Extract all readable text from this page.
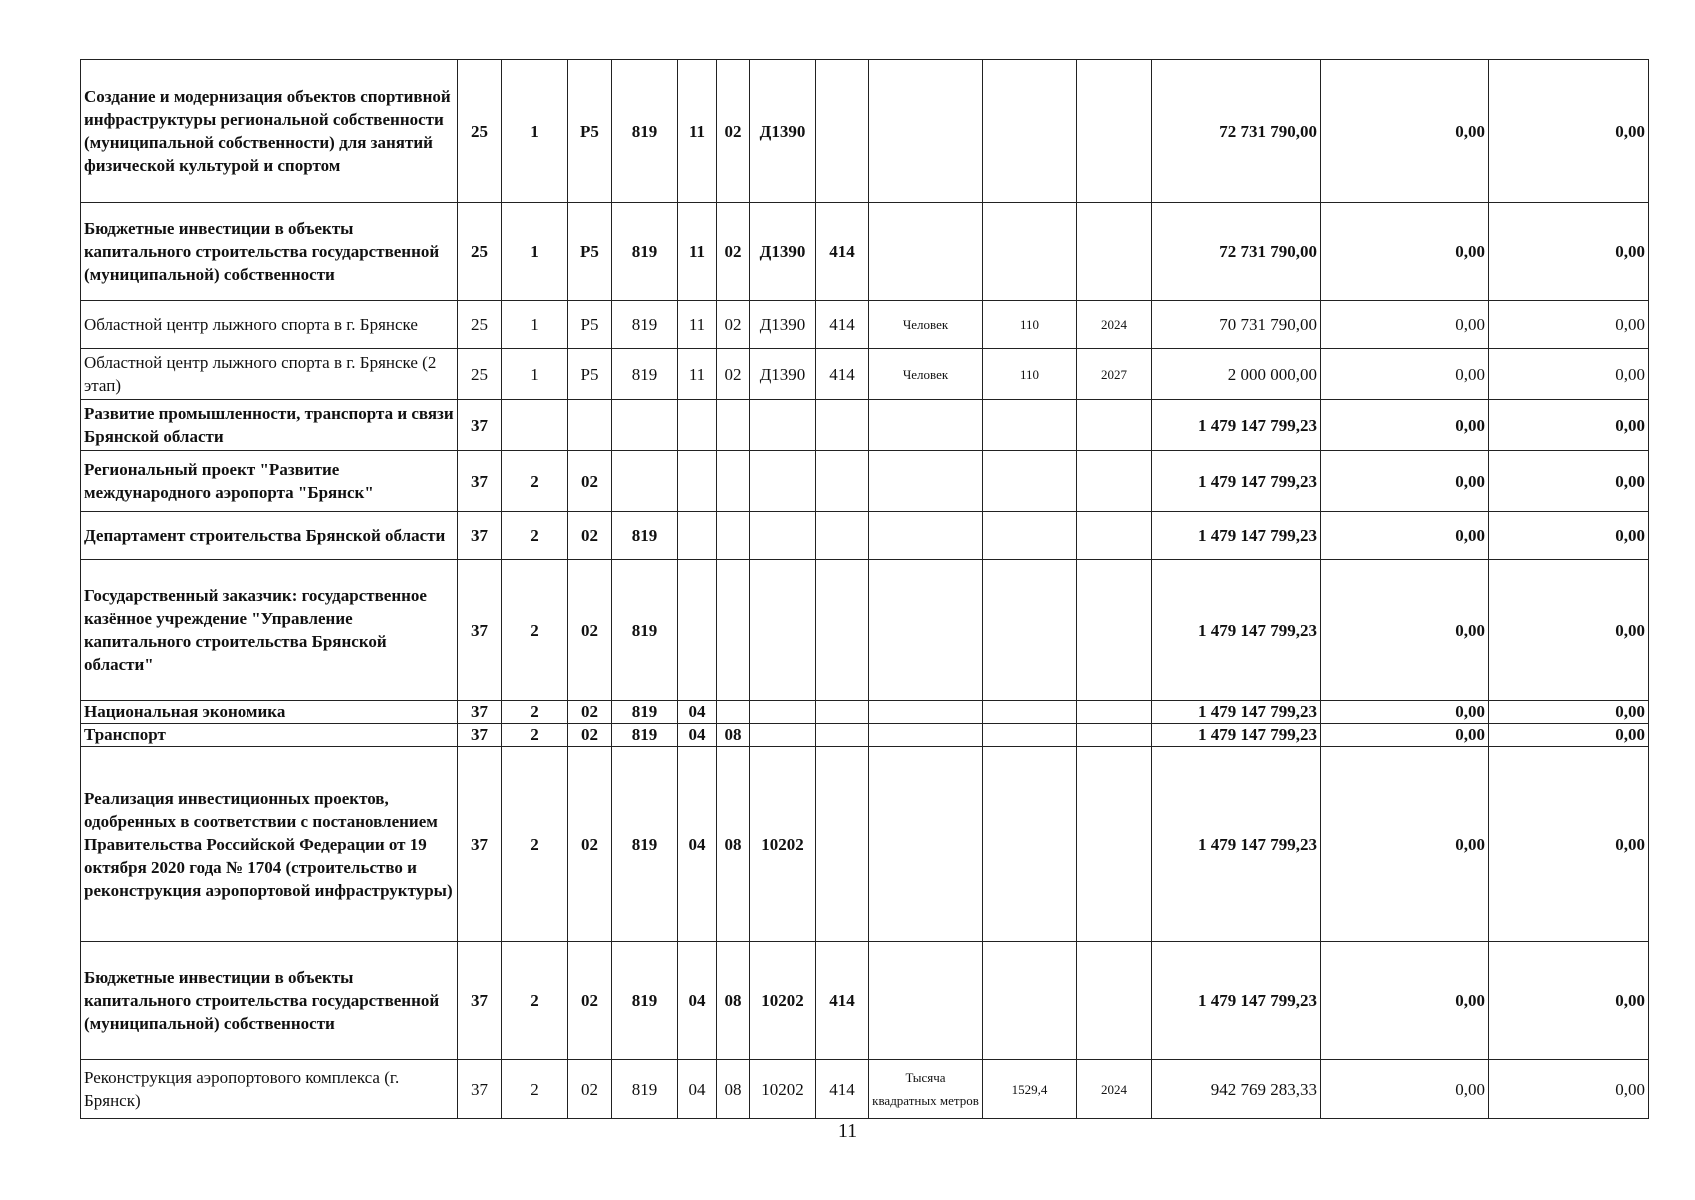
Создание и модернизация объектов спортивной инфраструктуры региональной собственности (муниципальной собственности) для занятий физической культурой и спортом	25	1	P5	819	11	02	Д1390					72 731 790,00	0,00	0,00
Бюджетные инвестиции в объекты капитального строительства государственной (муниципальной) собственности	25	1	P5	819	11	02	Д1390	414				72 731 790,00	0,00	0,00
Областной центр лыжного спорта в г. Брянске	25	1	P5	819	11	02	Д1390	414	Человек	110	2024	70 731 790,00	0,00	0,00
Областной центр лыжного спорта в г. Брянске (2 этап)	25	1	P5	819	11	02	Д1390	414	Человек	110	2027	2 000 000,00	0,00	0,00
Развитие промышленности, транспорта и связи Брянской области	37											1 479 147 799,23	0,00	0,00
Региональный проект "Развитие международного аэропорта "Брянск"	37	2	02									1 479 147 799,23	0,00	0,00
Департамент строительства Брянской области	37	2	02	819								1 479 147 799,23	0,00	0,00
Государственный заказчик: государственное казённое учреждение "Управление капитального строительства Брянской области"	37	2	02	819								1 479 147 799,23	0,00	0,00
Национальная экономика	37	2	02	819	04							1 479 147 799,23	0,00	0,00
Транспорт	37	2	02	819	04	08						1 479 147 799,23	0,00	0,00
Реализация инвестиционных проектов, одобренных в соответствии с постановлением Правительства Российской Федерации от 19 октября 2020 года № 1704 (строительство и реконструкция аэропортовой инфраструктуры)	37	2	02	819	04	08	10202					1 479 147 799,23	0,00	0,00
Бюджетные инвестиции в объекты капитального строительства государственной (муниципальной) собственности	37	2	02	819	04	08	10202	414				1 479 147 799,23	0,00	0,00
Реконструкция аэропортового комплекса (г. Брянск)	37	2	02	819	04	08	10202	414	Тысяча квадратных метров	1529,4	2024	942 769 283,33	0,00	0,00
11
